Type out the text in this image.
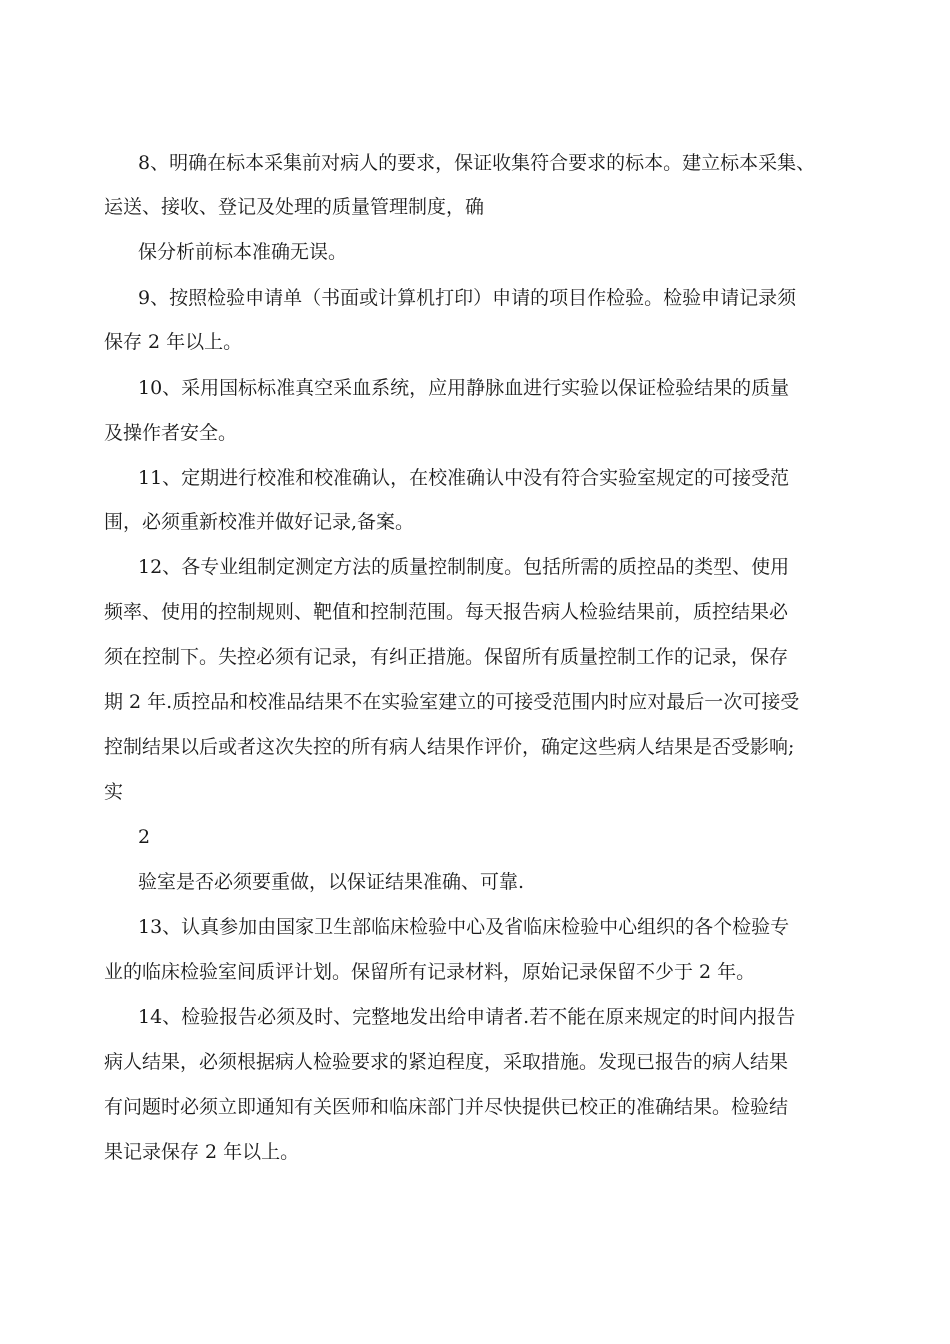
8、明确在标本采集前对病人的要求，保证收集符合要求的标本。建立标本采集、
运送、接收、登记及处理的质量管理制度，确
保分析前标本准确无误。
9、按照检验申请单（书面或计算机打印）申请的项目作检验。检验申请记录须
保存 2 年以上。
10、采用国标标准真空采血系统，应用静脉血进行实验以保证检验结果的质量
及操作者安全。
11、定期进行校准和校准确认，在校准确认中没有符合实验室规定的可接受范
围，必须重新校准并做好记录,备案。
12、各专业组制定测定方法的质量控制制度。包括所需的质控品的类型、使用
频率、使用的控制规则、靶值和控制范围。每天报告病人检验结果前，质控结果必
须在控制下。失控必须有记录，有纠正措施。保留所有质量控制工作的记录，保存
期 2 年.质控品和校准品结果不在实验室建立的可接受范围内时应对最后一次可接受
控制结果以后或者这次失控的所有病人结果作评价，确定这些病人结果是否受影响;
实
2
验室是否必须要重做，以保证结果准确、可靠.
13、认真参加由国家卫生部临床检验中心及省临床检验中心组织的各个检验专
业的临床检验室间质评计划。保留所有记录材料，原始记录保留不少于 2 年。
14、检验报告必须及时、完整地发出给申请者.若不能在原来规定的时间内报告
病人结果，必须根据病人检验要求的紧迫程度，采取措施。发现已报告的病人结果
有问题时必须立即通知有关医师和临床部门并尽快提供已校正的准确结果。检验结
果记录保存 2 年以上。
